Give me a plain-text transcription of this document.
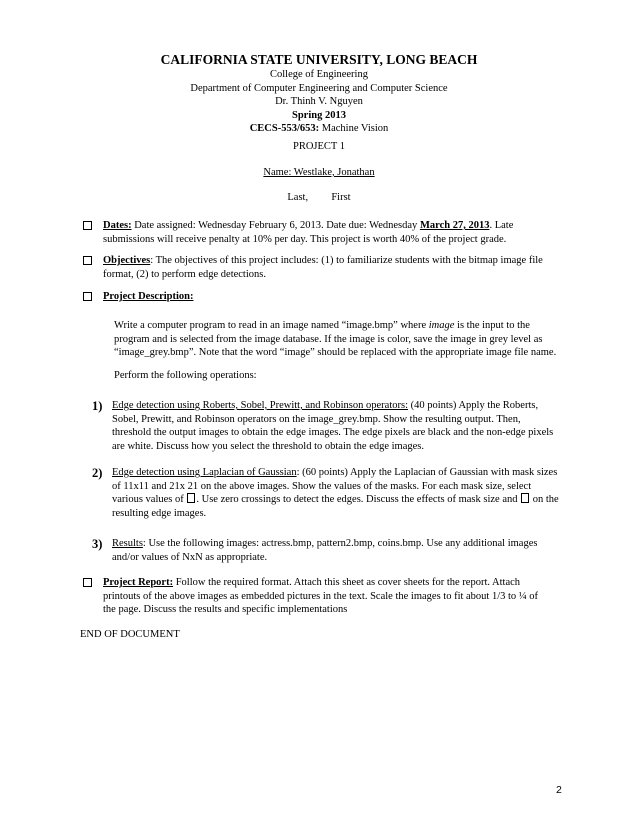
CALIFORNIA STATE UNIVERSITY, LONG BEACH
College of Engineering
Department of Computer Engineering and Computer Science
Dr. Thinh V. Nguyen
Spring 2013
CECS-553/653: Machine Vision
PROJECT 1
Name: Westlake, Jonathan
Last, First
Dates: Date assigned: Wednesday February 6, 2013. Date due: Wednesday March 27, 2013. Late submissions will receive penalty at 10% per day. This project is worth 40% of the project grade.
Objectives: The objectives of this project includes: (1) to familiarize students with the bitmap image file format, (2) to perform edge detections.
Project Description:
Write a computer program to read in an image named “image.bmp” where image is the input to the program and is selected from the image database. If the image is color, save the image in grey level as “image_grey.bmp”. Note that the word “image” should be replaced with the appropriate image file name.
Perform the following operations:
1) Edge detection using Roberts, Sobel, Prewitt, and Robinson operators: (40 points) Apply the Roberts, Sobel, Prewitt, and Robinson operators on the image_grey.bmp. Show the resulting output. Then, threshold the output images to obtain the edge images. The edge pixels are black and the non-edge pixels are white. Discuss how you select the threshold to obtain the edge images.
2) Edge detection using Laplacian of Gaussian: (60 points) Apply the Laplacian of Gaussian with mask sizes of 11x11 and 21x 21 on the above images. Show the values of the masks. For each mask size, select various values of . Use zero crossings to detect the edges. Discuss the effects of mask size and  on the resulting edge images.
3) Results: Use the following images: actress.bmp, pattern2.bmp, coins.bmp. Use any additional images and/or values of NxN as appropriate.
Project Report: Follow the required format. Attach this sheet as cover sheets for the report. Attach printouts of the above images as embedded pictures in the text. Scale the images to fit about 1/3 to ¼ of the page. Discuss the results and specific implementations
END OF DOCUMENT
2
